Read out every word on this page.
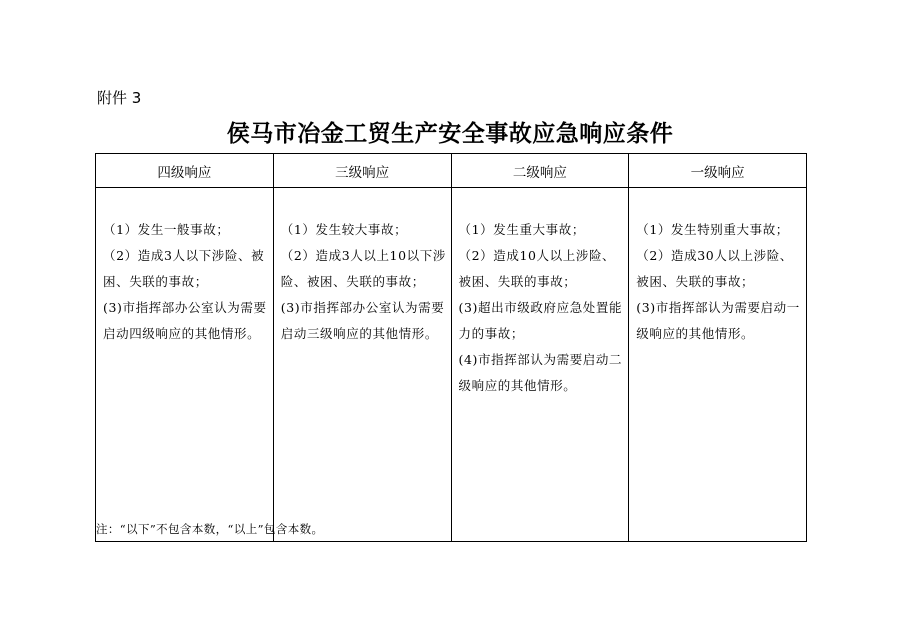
附件 3
侯马市冶金工贸生产安全事故应急响应条件
四级响应	三级响应	二级响应	一级响应

（1）发生一般事故；
（2）造成3人以下涉险、被困、失联的事故；
(3)市指挥部办公室认为需要启动四级响应的其他情形。	（1）发生较大事故；
（2）造成3人以上10以下涉险、被困、失联的事故；
(3)市指挥部办公室认为需要启动三级响应的其他情形。	（1）发生重大事故；
（2）造成10人以上涉险、被困、失联的事故；
(3)超出市级政府应急处置能力的事故；
(4)市指挥部认为需要启动二级响应的其他情形。	（1）发生特别重大事故；
（2）造成30人以上涉险、被困、失联的事故；
(3)市指挥部认为需要启动一级响应的其他情形。
注：“以下”不包含本数，“以上”包含本数。
